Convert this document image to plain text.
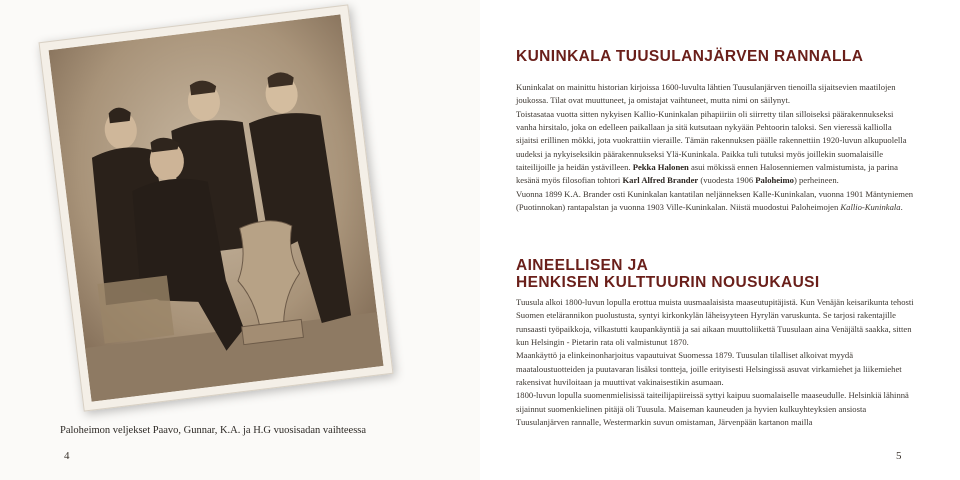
Paloheimon veljekset Paavo, Gunnar, K.A. ja H.G vuosisadan vaihteessa
4
KUNINKALA TUUSULANJÄRVEN RANNALLA

Kuninkalat on mainittu historian kirjoissa 1600-luvulta lähtien Tuusulanjärven tienoilla sijaitsevien maatilojen joukossa. Tilat ovat muuttuneet, ja omistajat vaihtuneet, mutta nimi on säilynyt.

Toistasataa vuotta sitten nykyisen Kallio-Kuninkalan pihapiiriin oli siirretty tilan silloiseksi päärakennukseksi vanha hirsitalo, joka on edelleen paikallaan ja sitä kutsutaan nykyään Pehtoorin taloksi. Sen vieressä kalliolla sijaitsi erillinen mökki, jota vuokrattiin vieraille. Tämän rakennuksen päälle rakennettiin 1920-luvun alkupuolella uudeksi ja nykyiseksikin päärakennukseksi Ylä-Kuninkala. Paikka tuli tutuksi myös joillekin suomalaisille taiteilijoille ja heidän ystävilleen. Pekka Halonen asui mökissä ennen Halosenniemen valmistumista, ja parina kesänä myös filosofian tohtori Karl Alfred Brander (vuodesta 1906 Paloheimo) perheineen.

Vuonna 1899 K.A. Brander osti Kuninkalan kantatilan neljänneksen Kalle-Kuninkalan, vuonna 1901 Mäntyniemen (Puotinnokan) rantapalstan ja vuonna 1903 Ville-Kuninkalan. Niistä muodostui Paloheimojen Kallio-Kuninkala.

AINEELLISEN JA
HENKISEN KULTTUURIN NOUSUKAUSI

Tuusula alkoi 1800-luvun lopulla erottua muista uusmaalaisista maaseutupitäjistä. Kun Venäjän keisarikunta tehosti Suomen etelärannikon puolustusta, syntyi kirkonkylän läheisyyteen Hyrylän varuskunta. Se tarjosi rakentajille runsaasti työpaikkoja, vilkastutti kaupankäyntiä ja sai aikaan muuttoliikettä Tuusulaan aina Venäjältä saakka, sitten kun Helsingin - Pietarin rata oli valmistunut 1870.

Maankäyttö ja elinkeinonharjoitus vapautuivat Suomessa 1879. Tuusulan tilalliset alkoivat myydä maataloustuotteiden ja puutavaran lisäksi tontteja, joille erityisesti Helsingissä asuvat virkamiehet ja liikemiehet rakensivat huviloitaan ja muuttivat vakinaisestikin asumaan.

1800-luvun lopulla suomenmielisissä taiteilijapiireissä syttyi kaipuu suomalaiselle maaseudulle. Helsinkiä lähinnä sijainnut suomenkielinen pitäjä oli Tuusula. Maiseman kauneuden ja hyvien kulkuyhteyksien ansiosta Tuusulanjärven rannalle, Westermarkin suvun omistaman, Järvenpään kartanon mailla

5
